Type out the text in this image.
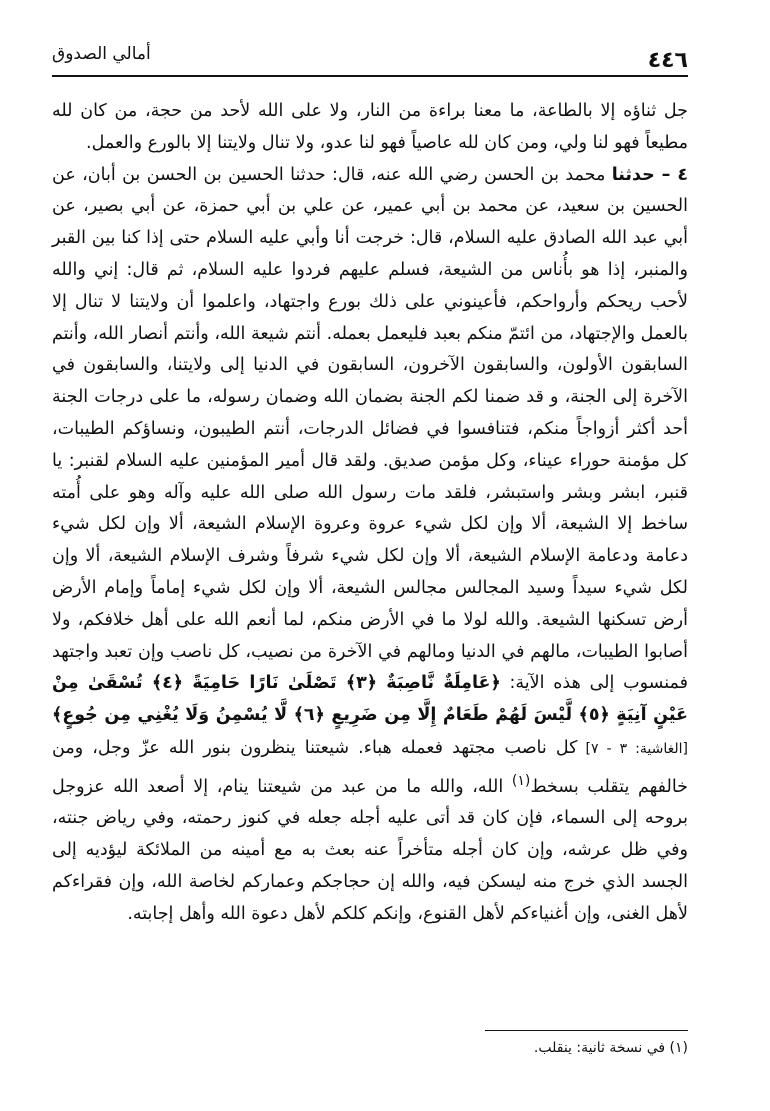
أمالي الصدوق	٤٤٦

جل ثناؤه إلا بالطاعة، ما معنا براءة من النار، ولا على الله لأحد من حجة، من كان لله مطيعاً فهو لنا ولي، ومن كان لله عاصياً فهو لنا عدو، ولا تنال ولايتنا إلا بالورع والعمل.

٤ – حدثنا محمد بن الحسن رضي الله عنه، قال: حدثنا الحسين بن الحسن بن أبان، عن الحسين بن سعيد، عن محمد بن أبي عمير، عن علي بن أبي حمزة، عن أبي بصير، عن أبي عبد الله الصادق عليه السلام، قال: خرجت أنا وأبي عليه السلام حتى إذا كنا بين القبر والمنبر، إذا هو بأُناس من الشيعة، فسلم عليهم فردوا عليه السلام، ثم قال: إني والله لأحب ريحكم وأرواحكم، فأعينوني على ذلك بورع واجتهاد، واعلموا أن ولايتنا لا تنال إلا بالعمل والإجتهاد، من ائتمّ منكم بعبد فليعمل بعمله. أنتم شيعة الله، وأنتم أنصار الله، وأنتم السابقون الأولون، والسابقون الآخرون، السابقون في الدنيا إلى ولايتنا، والسابقون في الآخرة إلى الجنة، و قد ضمنا لكم الجنة بضمان الله وضمان رسوله، ما على درجات الجنة أحد أكثر أزواجاً منكم، فتنافسوا في فضائل الدرجات، أنتم الطيبون، ونساؤكم الطيبات، كل مؤمنة حوراء عيناء، وكل مؤمن صديق. ولقد قال أمير المؤمنين عليه السلام لقنبر: يا قنبر، ابشر وبشر واستبشر، فلقد مات رسول الله صلى الله عليه وآله وهو على أُمته ساخط إلا الشيعة، ألا وإن لكل شيء عروة وعروة الإسلام الشيعة، ألا وإن لكل شيء دعامة ودعامة الإسلام الشيعة، ألا وإن لكل شيء شرفاً وشرف الإسلام الشيعة، ألا وإن لكل شيء سيداً وسيد المجالس مجالس الشيعة، ألا وإن لكل شيء إماماً وإمام الأرض أرض تسكنها الشيعة. والله لولا ما في الأرض منكم، لما أنعم الله على أهل خلافكم، ولا أصابوا الطيبات، مالهم في الدنيا ومالهم في الآخرة من نصيب، كل ناصب وإن تعبد واجتهد فمنسوب إلى هذه الآية: ﴿عَامِلَةٌ نَّاصِبَةٌ ﴿٣﴾ تَصْلَىٰ نَارًا حَامِيَةً ﴿٤﴾ تُسْقَىٰ مِنْ عَيْنٍ آنِيَةٍ ﴿٥﴾ لَّيْسَ لَهُمْ طَعَامٌ إِلَّا مِن ضَرِيعٍ ﴿٦﴾ لَّا يُسْمِنُ وَلَا يُغْنِي مِن جُوعٍ﴾ [الغاشية: ٣ - ٧] كل ناصب مجتهد فعمله هباء. شيعتنا ينظرون بنور الله عزّ وجل، ومن خالفهم يتقلب بسخط$^{(١)}$ الله، والله ما من عبد من شيعتنا ينام، إلا أصعد الله عزوجل بروحه إلى السماء، فإن كان قد أتى عليه أجله جعله في كنوز رحمته، وفي رياض جنته، وفي ظل عرشه، وإن كان أجله متأخراً عنه بعث به مع أمينه من الملائكة ليؤديه إلى الجسد الذي خرج منه ليسكن فيه، والله إن حجاجكم وعماركم لخاصة الله، وإن فقراءكم لأهل الغنى، وإن أغنياءكم لأهل القنوع، وإنكم كلكم لأهل دعوة الله وأهل إجابته.

(١) في نسخة ثانية: ينقلب.
